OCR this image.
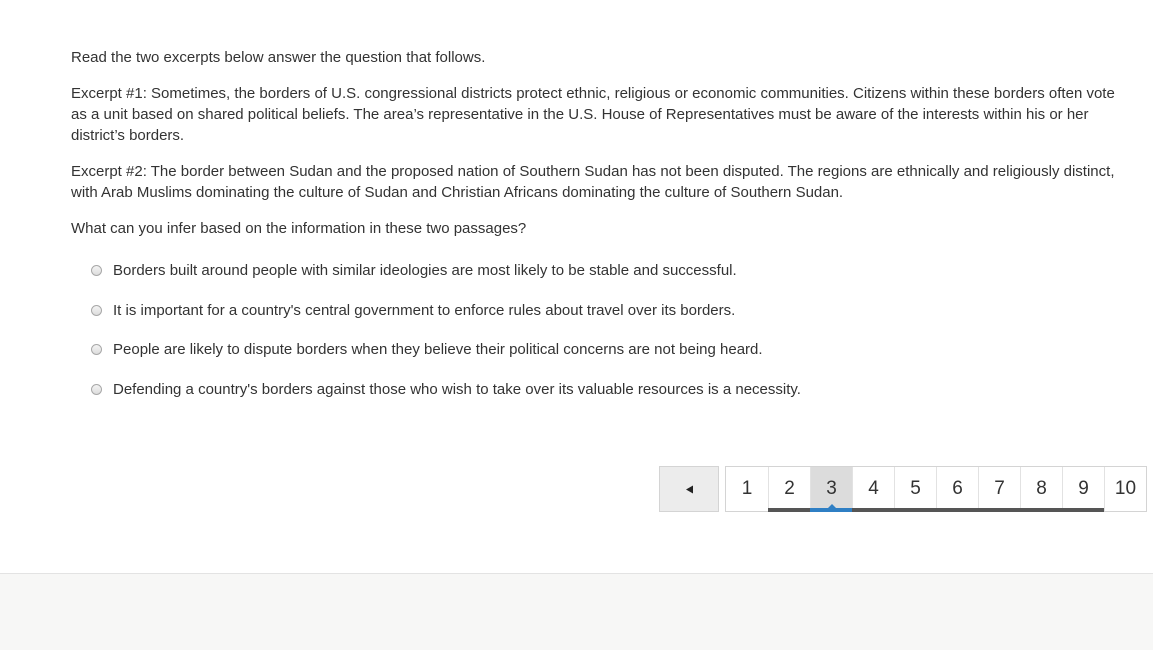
Read the two excerpts below answer the question that follows.

Excerpt #1: Sometimes, the borders of U.S. congressional districts protect ethnic, religious or economic communities. Citizens within these borders often vote as a unit based on shared political beliefs. The area’s representative in the U.S. House of Representatives must be aware of the interests within his or her district’s borders.

Excerpt #2: The border between Sudan and the proposed nation of Southern Sudan has not been disputed. The regions are ethnically and religiously distinct, with Arab Muslims dominating the culture of Sudan and Christian Africans dominating the culture of Southern Sudan.

What can you infer based on the information in these two passages?

Borders built around people with similar ideologies are most likely to be stable and successful.
It is important for a country's central government to enforce rules about travel over its borders.
People are likely to dispute borders when they believe their political concerns are not being heard.
Defending a country's borders against those who wish to take over its valuable resources is a necessity.
1 2 3 4 5 6 7 8 9 10
